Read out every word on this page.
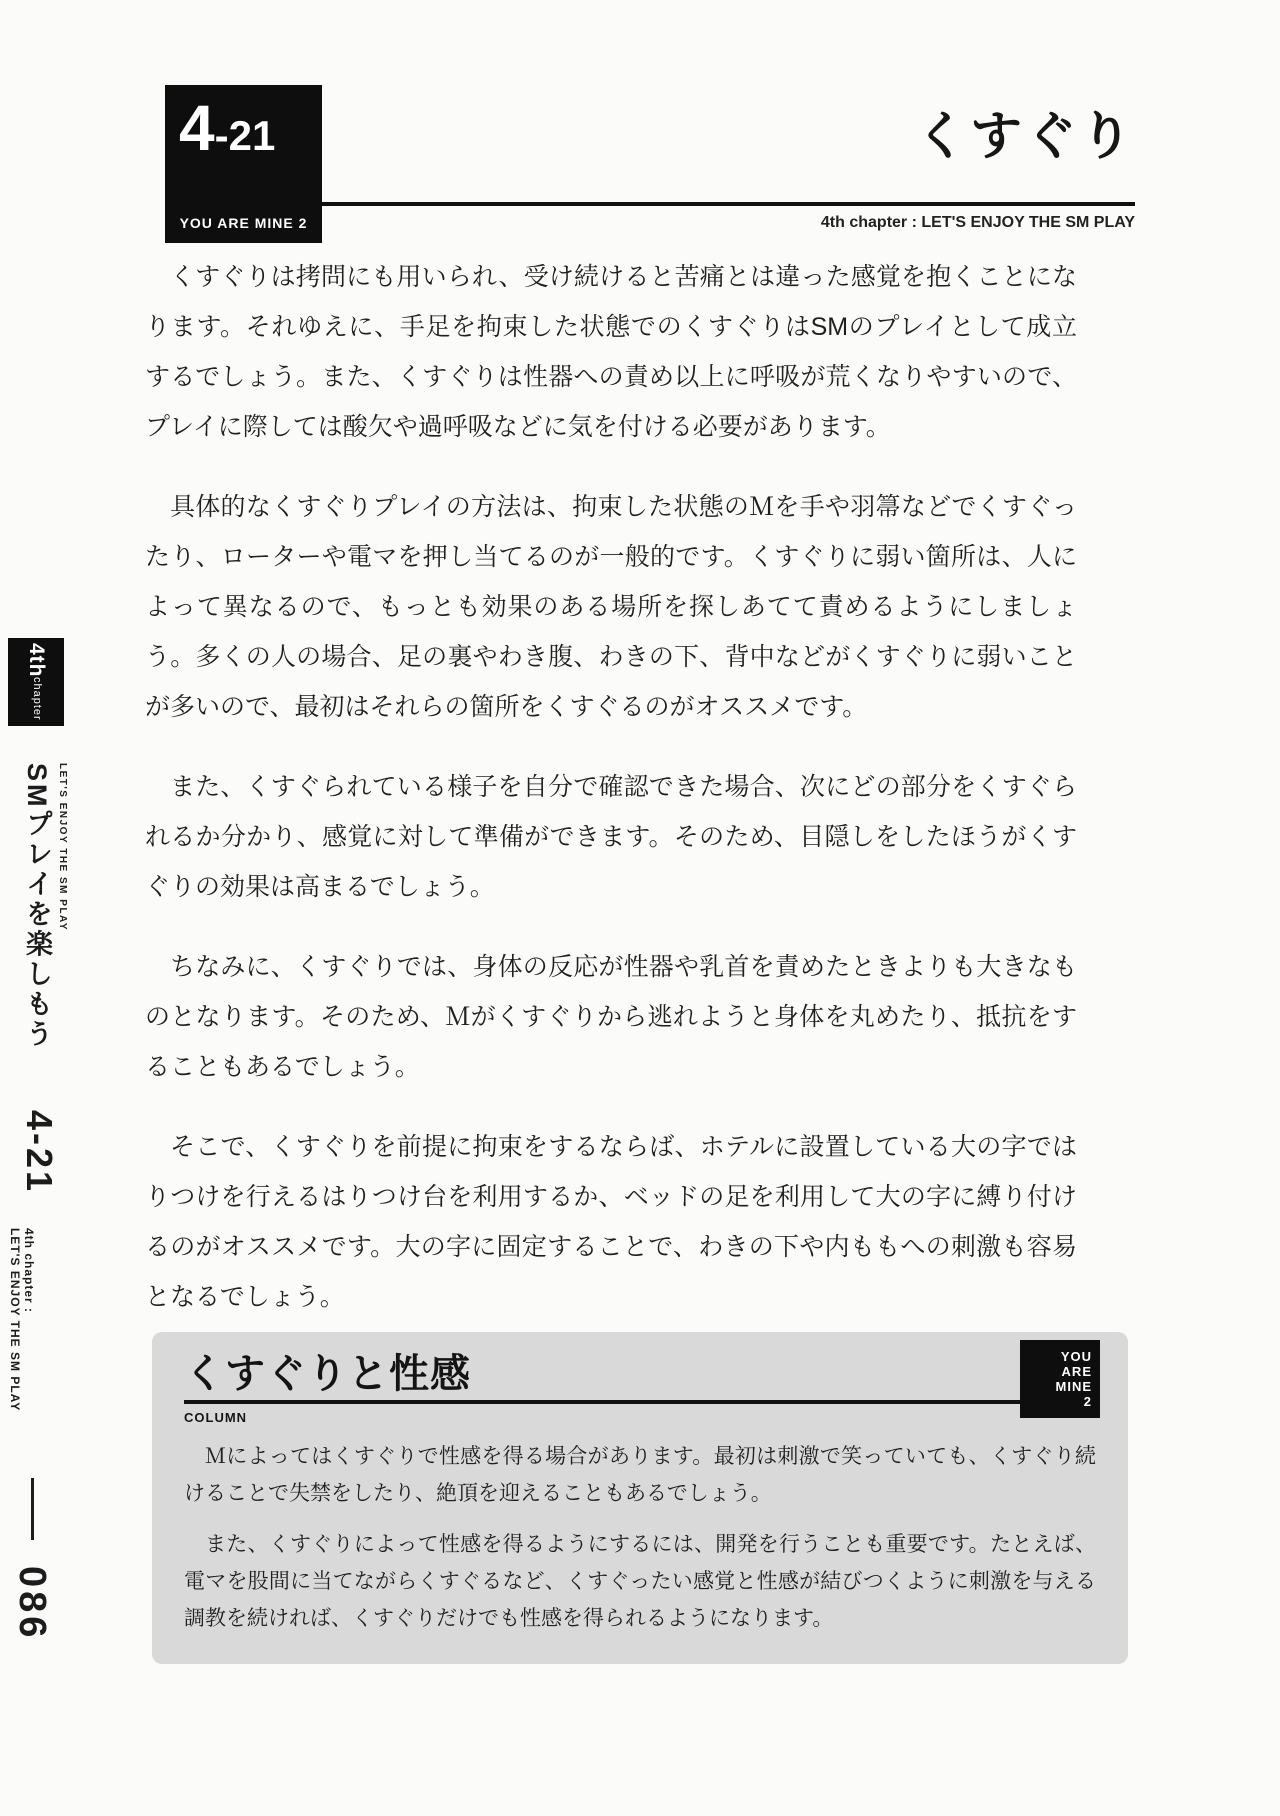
4th
chapter
LET'S ENJOY THE SM PLAY
SMプレイを楽しもう
4-21
4th chapter :
LET'S ENJOY THE SM PLAY
086
4-21
YOU ARE MINE 2
くすぐり
4th chapter : LET'S ENJOY THE SM PLAY

くすぐりは拷問にも用いられ、受け続けると苦痛とは違った感覚を抱くことになります。それゆえに、手足を拘束した状態でのくすぐりはSMのプレイとして成立するでしょう。また、くすぐりは性器への責め以上に呼吸が荒くなりやすいので、プレイに際しては酸欠や過呼吸などに気を付ける必要があります。

具体的なくすぐりプレイの方法は、拘束した状態のＭを手や羽箒などでくすぐったり、ローターや電マを押し当てるのが一般的です。くすぐりに弱い箇所は、人によって異なるので、もっとも効果のある場所を探しあてて責めるようにしましょう。多くの人の場合、足の裏やわき腹、わきの下、背中などがくすぐりに弱いことが多いので、最初はそれらの箇所をくすぐるのがオススメです。

また、くすぐられている様子を自分で確認できた場合、次にどの部分をくすぐられるか分かり、感覚に対して準備ができます。そのため、目隠しをしたほうがくすぐりの効果は高まるでしょう。

ちなみに、くすぐりでは、身体の反応が性器や乳首を責めたときよりも大きなものとなります。そのため、Ｍがくすぐりから逃れようと身体を丸めたり、抵抗をすることもあるでしょう。

そこで、くすぐりを前提に拘束をするならば、ホテルに設置している大の字ではりつけを行えるはりつけ台を利用するか、ベッドの足を利用して大の字に縛り付けるのがオススメです。大の字に固定することで、わきの下や内ももへの刺激も容易となるでしょう。

くすぐりと性感
COLUMN
YOU
ARE
MINE
2

Ｍによってはくすぐりで性感を得る場合があります。最初は刺激で笑っていても、くすぐり続けることで失禁をしたり、絶頂を迎えることもあるでしょう。

また、くすぐりによって性感を得るようにするには、開発を行うことも重要です。たとえば、電マを股間に当てながらくすぐるなど、くすぐったい感覚と性感が結びつくように刺激を与える調教を続ければ、くすぐりだけでも性感を得られるようになります。
